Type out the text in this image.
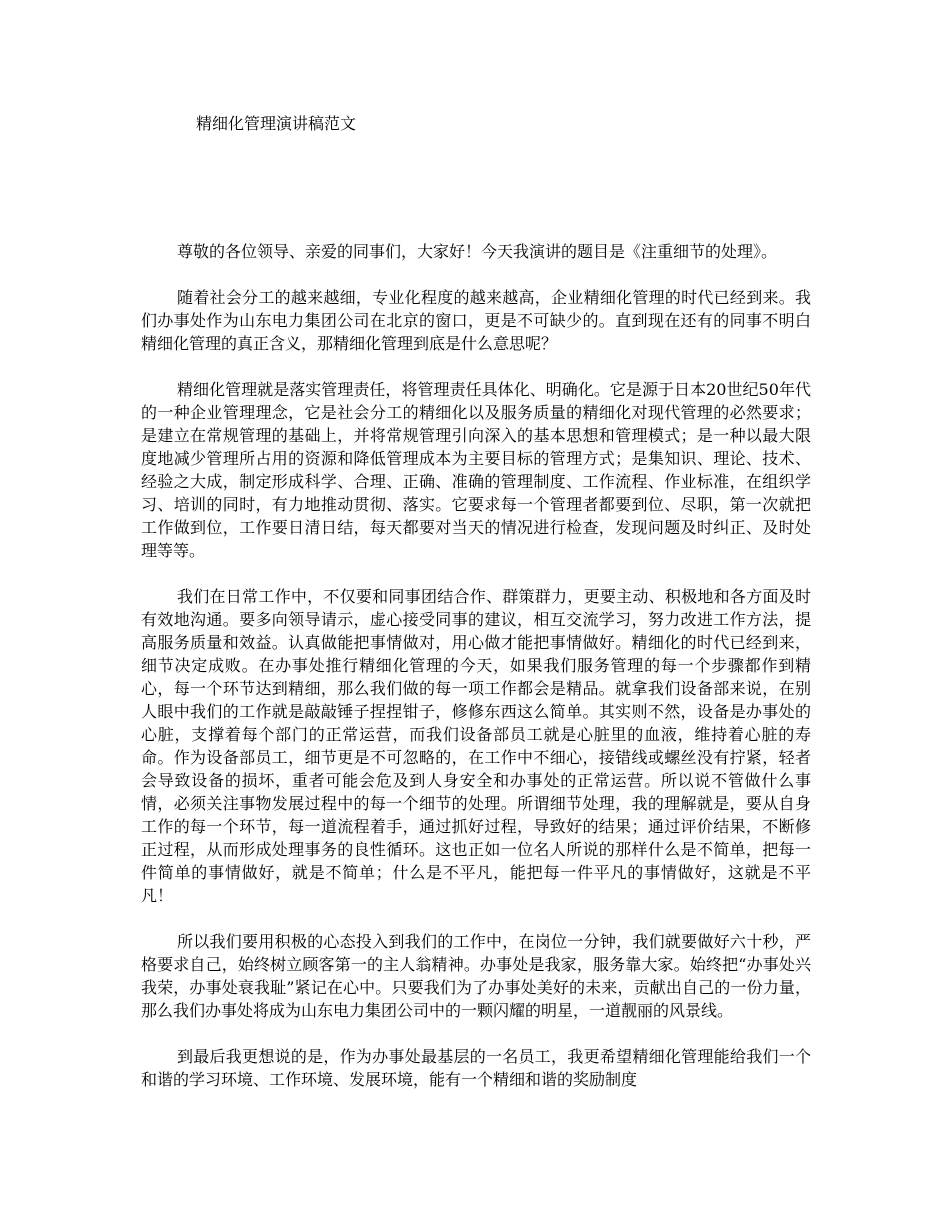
精细化管理演讲稿范文

尊敬的各位领导、亲爱的同事们，大家好！今天我演讲的题目是《注重细节的处理》。

随着社会分工的越来越细，专业化程度的越来越高，企业精细化管理的时代已经到来。我们办事处作为山东电力集团公司在北京的窗口，更是不可缺少的。直到现在还有的同事不明白精细化管理的真正含义，那精细化管理到底是什么意思呢？

精细化管理就是落实管理责任，将管理责任具体化、明确化。它是源于日本20世纪50年代的一种企业管理理念，它是社会分工的精细化以及服务质量的精细化对现代管理的必然要求；是建立在常规管理的基础上，并将常规管理引向深入的基本思想和管理模式；是一种以最大限度地减少管理所占用的资源和降低管理成本为主要目标的管理方式；是集知识、理论、技术、经验之大成，制定形成科学、合理、正确、准确的管理制度、工作流程、作业标准，在组织学习、培训的同时，有力地推动贯彻、落实。它要求每一个管理者都要到位、尽职，第一次就把工作做到位，工作要日清日结，每天都要对当天的情况进行检查，发现问题及时纠正、及时处理等等。

我们在日常工作中，不仅要和同事团结合作、群策群力，更要主动、积极地和各方面及时有效地沟通。要多向领导请示，虚心接受同事的建议，相互交流学习，努力改进工作方法，提高服务质量和效益。认真做能把事情做对，用心做才能把事情做好。精细化的时代已经到来，细节决定成败。在办事处推行精细化管理的今天，如果我们服务管理的每一个步骤都作到精心，每一个环节达到精细，那么我们做的每一项工作都会是精品。就拿我们设备部来说，在别人眼中我们的工作就是敲敲锤子捏捏钳子，修修东西这么简单。其实则不然，设备是办事处的心脏，支撑着每个部门的正常运营，而我们设备部员工就是心脏里的血液，维持着心脏的寿命。作为设备部员工，细节更是不可忽略的，在工作中不细心，接错线或螺丝没有拧紧，轻者会导致设备的损坏，重者可能会危及到人身安全和办事处的正常运营。所以说不管做什么事情，必须关注事物发展过程中的每一个细节的处理。所谓细节处理，我的理解就是，要从自身工作的每一个环节，每一道流程着手，通过抓好过程，导致好的结果；通过评价结果，不断修正过程，从而形成处理事务的良性循环。这也正如一位名人所说的那样什么是不简单，把每一件简单的事情做好，就是不简单；什么是不平凡，能把每一件平凡的事情做好，这就是不平凡！

所以我们要用积极的心态投入到我们的工作中，在岗位一分钟，我们就要做好六十秒，严格要求自己，始终树立顾客第一的主人翁精神。办事处是我家，服务靠大家。始终把“办事处兴我荣，办事处衰我耻”紧记在心中。只要我们为了办事处美好的未来，贡献出自己的一份力量，那么我们办事处将成为山东电力集团公司中的一颗闪耀的明星，一道靓丽的风景线。

到最后我更想说的是，作为办事处最基层的一名员工，我更希望精细化管理能给我们一个和谐的学习环境、工作环境、发展环境，能有一个精细和谐的奖励制度
